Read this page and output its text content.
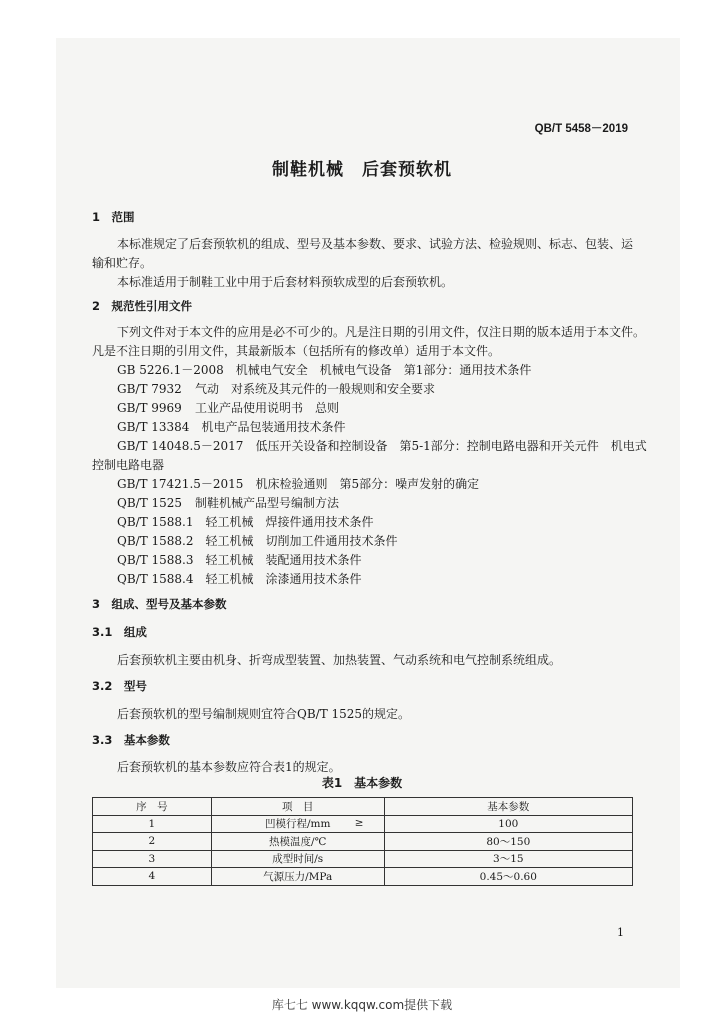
QB/T 5458－2019
制鞋机械　后套预软机
1　范围
本标准规定了后套预软机的组成、型号及基本参数、要求、试验方法、检验规则、标志、包装、运
输和贮存。
本标准适用于制鞋工业中用于后套材料预软成型的后套预软机。
2　规范性引用文件
下列文件对于本文件的应用是必不可少的。凡是注日期的引用文件，仅注日期的版本适用于本文件。
凡是不注日期的引用文件，其最新版本（包括所有的修改单）适用于本文件。
GB 5226.1－2008　 机械电气安全　机械电气设备　第1部分：通用技术条件
GB/T 7932　 气动　对系统及其元件的一般规则和安全要求
GB/T 9969　 工业产品使用说明书　总则
GB/T 13384　 机电产品包装通用技术条件
GB/T 14048.5－2017　 低压开关设备和控制设备　第5-1部分：控制电路电器和开关元件　机电式
控制电路电器
GB/T 17421.5－2015　 机床检验通则　第5部分：噪声发射的确定
QB/T 1525　 制鞋机械产品型号编制方法
QB/T 1588.1　 轻工机械　焊接件通用技术条件
QB/T 1588.2　 轻工机械　切削加工件通用技术条件
QB/T 1588.3　 轻工机械　装配通用技术条件
QB/T 1588.4　 轻工机械　涂漆通用技术条件
3　组成、型号及基本参数
3.1　组成
后套预软机主要由机身、折弯成型装置、加热装置、气动系统和电气控制系统组成。
3.2　型号
后套预软机的型号编制规则宜符合QB/T 1525的规定。
3.3　基本参数
后套预软机的基本参数应符合表1的规定。
表1　基本参数
序　号	项　目	基本参数
1	凹模行程/mm ≥	100
2	热模温度/℃	80～150
3	成型时间/s	3～15
4	气源压力/MPa	0.45～0.60
1
库七七 www.kqqw.com提供下载
